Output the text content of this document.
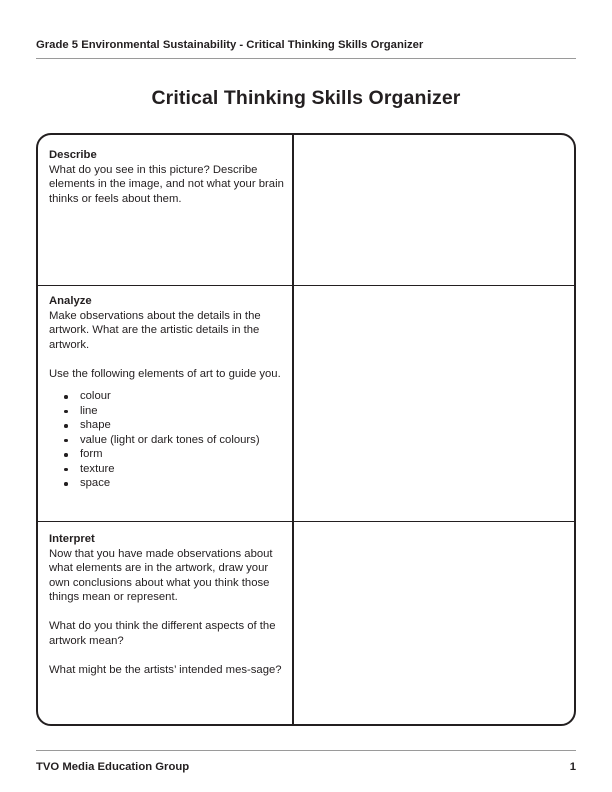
Grade 5 Environmental Sustainability - Critical Thinking Skills Organizer
Critical Thinking Skills Organizer

Describe

What do you see in this picture? Describe elements in the image, and not what your brain thinks or feels about them.

Analyze

Make observations about the details in the artwork. What are the artistic details in the artwork.

Use the following elements of art to guide you.

colour
line
shape
value (light or dark tones of colours)
form
texture
space

Interpret

Now that you have made observations about what elements are in the artwork, draw your own conclusions about what you think those things mean or represent.

What do you think the different aspects of the artwork mean?

What might be the artists’ intended mes-sage?

TVO Media Education Group	1
